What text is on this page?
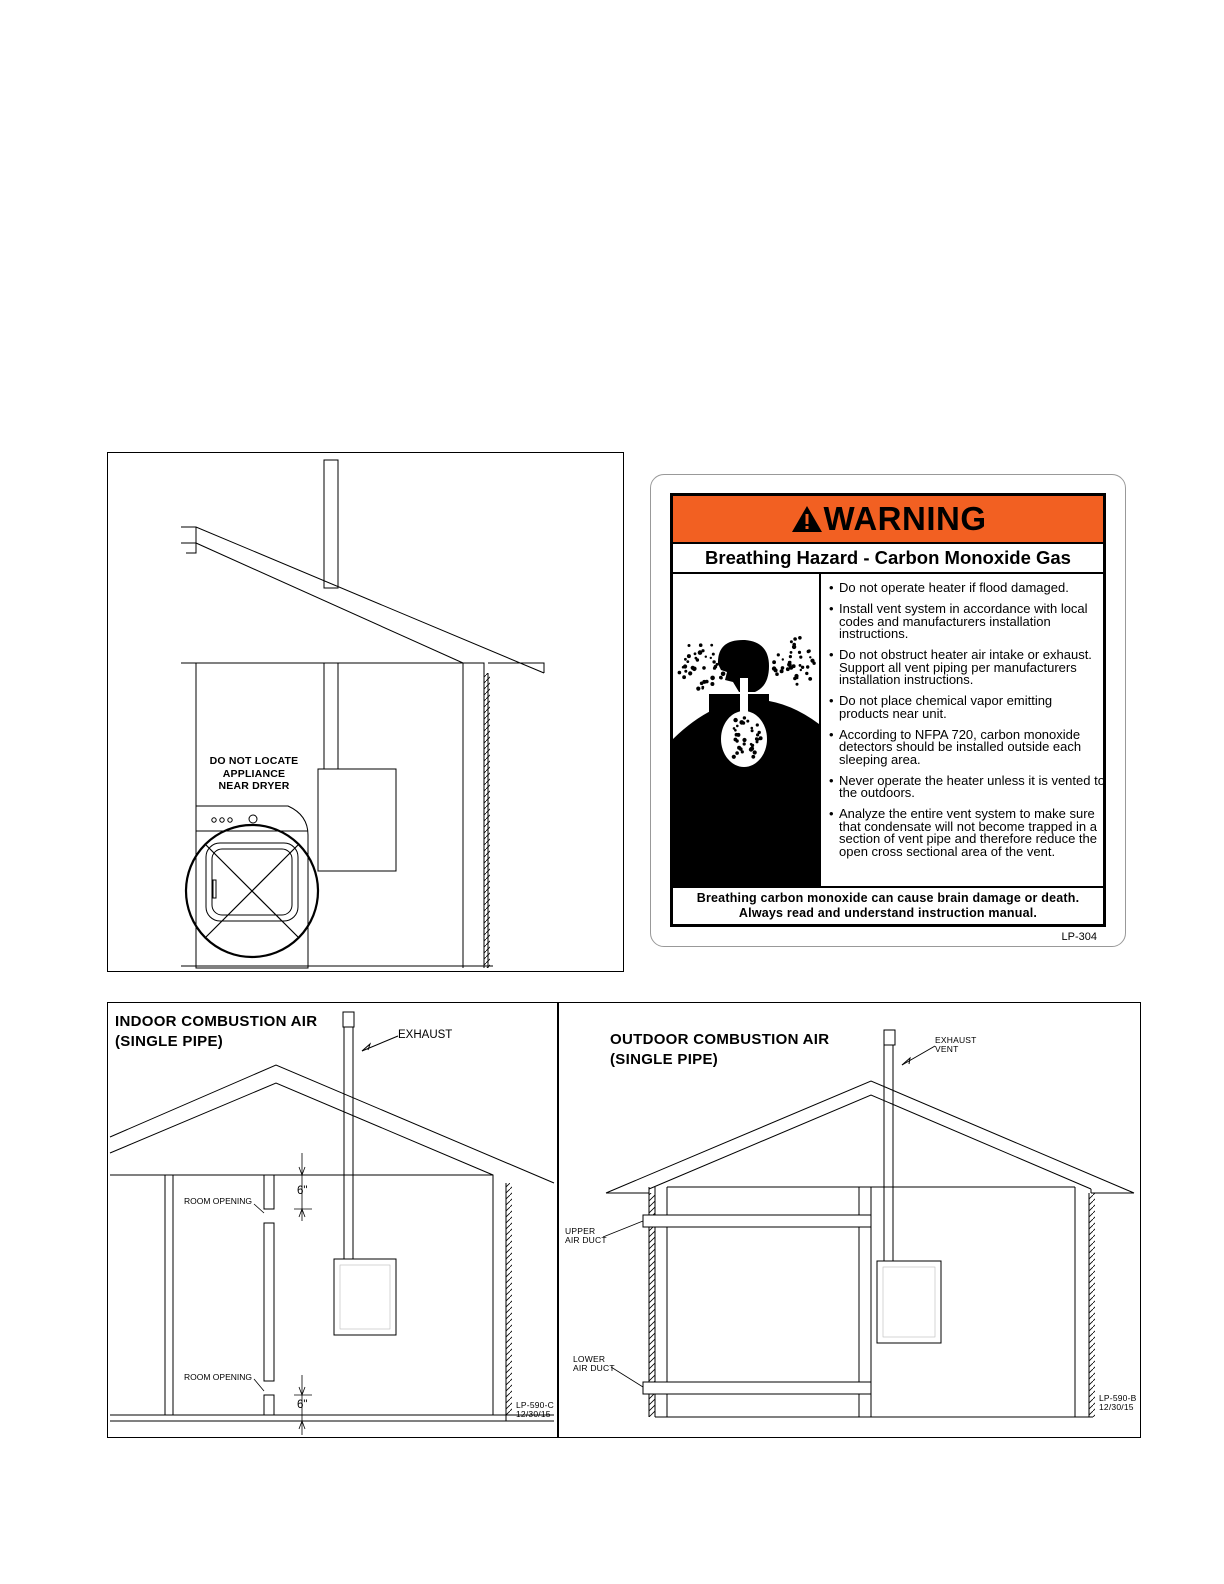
DO NOT LOCATE
APPLIANCE
NEAR DRYER
WARNING
Breathing Hazard - Carbon Monoxide Gas
• Do not operate heater if flood damaged.
• Install vent system in accordance with local codes and manufacturers installation instructions.
• Do not obstruct heater air intake or exhaust. Support all vent piping per manufacturers installation instructions.
• Do not place chemical vapor emitting products near unit.
• According to NFPA 720, carbon monoxide detectors should be installed outside each sleeping area.
• Never operate the heater unless it is vented to the outdoors.
• Analyze the entire vent system to make sure that condensate will not become trapped in a section of vent pipe and therefore reduce the open cross sectional area of the vent.
Breathing carbon monoxide can cause brain damage or death.
Always read and understand instruction manual.
LP-304
INDOOR COMBUSTION AIR
(SINGLE PIPE)	EXHAUST
ROOM OPENING
ROOM OPENING
6"
6"	LP-590-C
12/30/15
OUTDOOR COMBUSTION AIR
(SINGLE PIPE)
EXHAUST
VENT
UPPER
AIR DUCT
LOWER
AIR DUCT
LP-590-B
12/30/15
